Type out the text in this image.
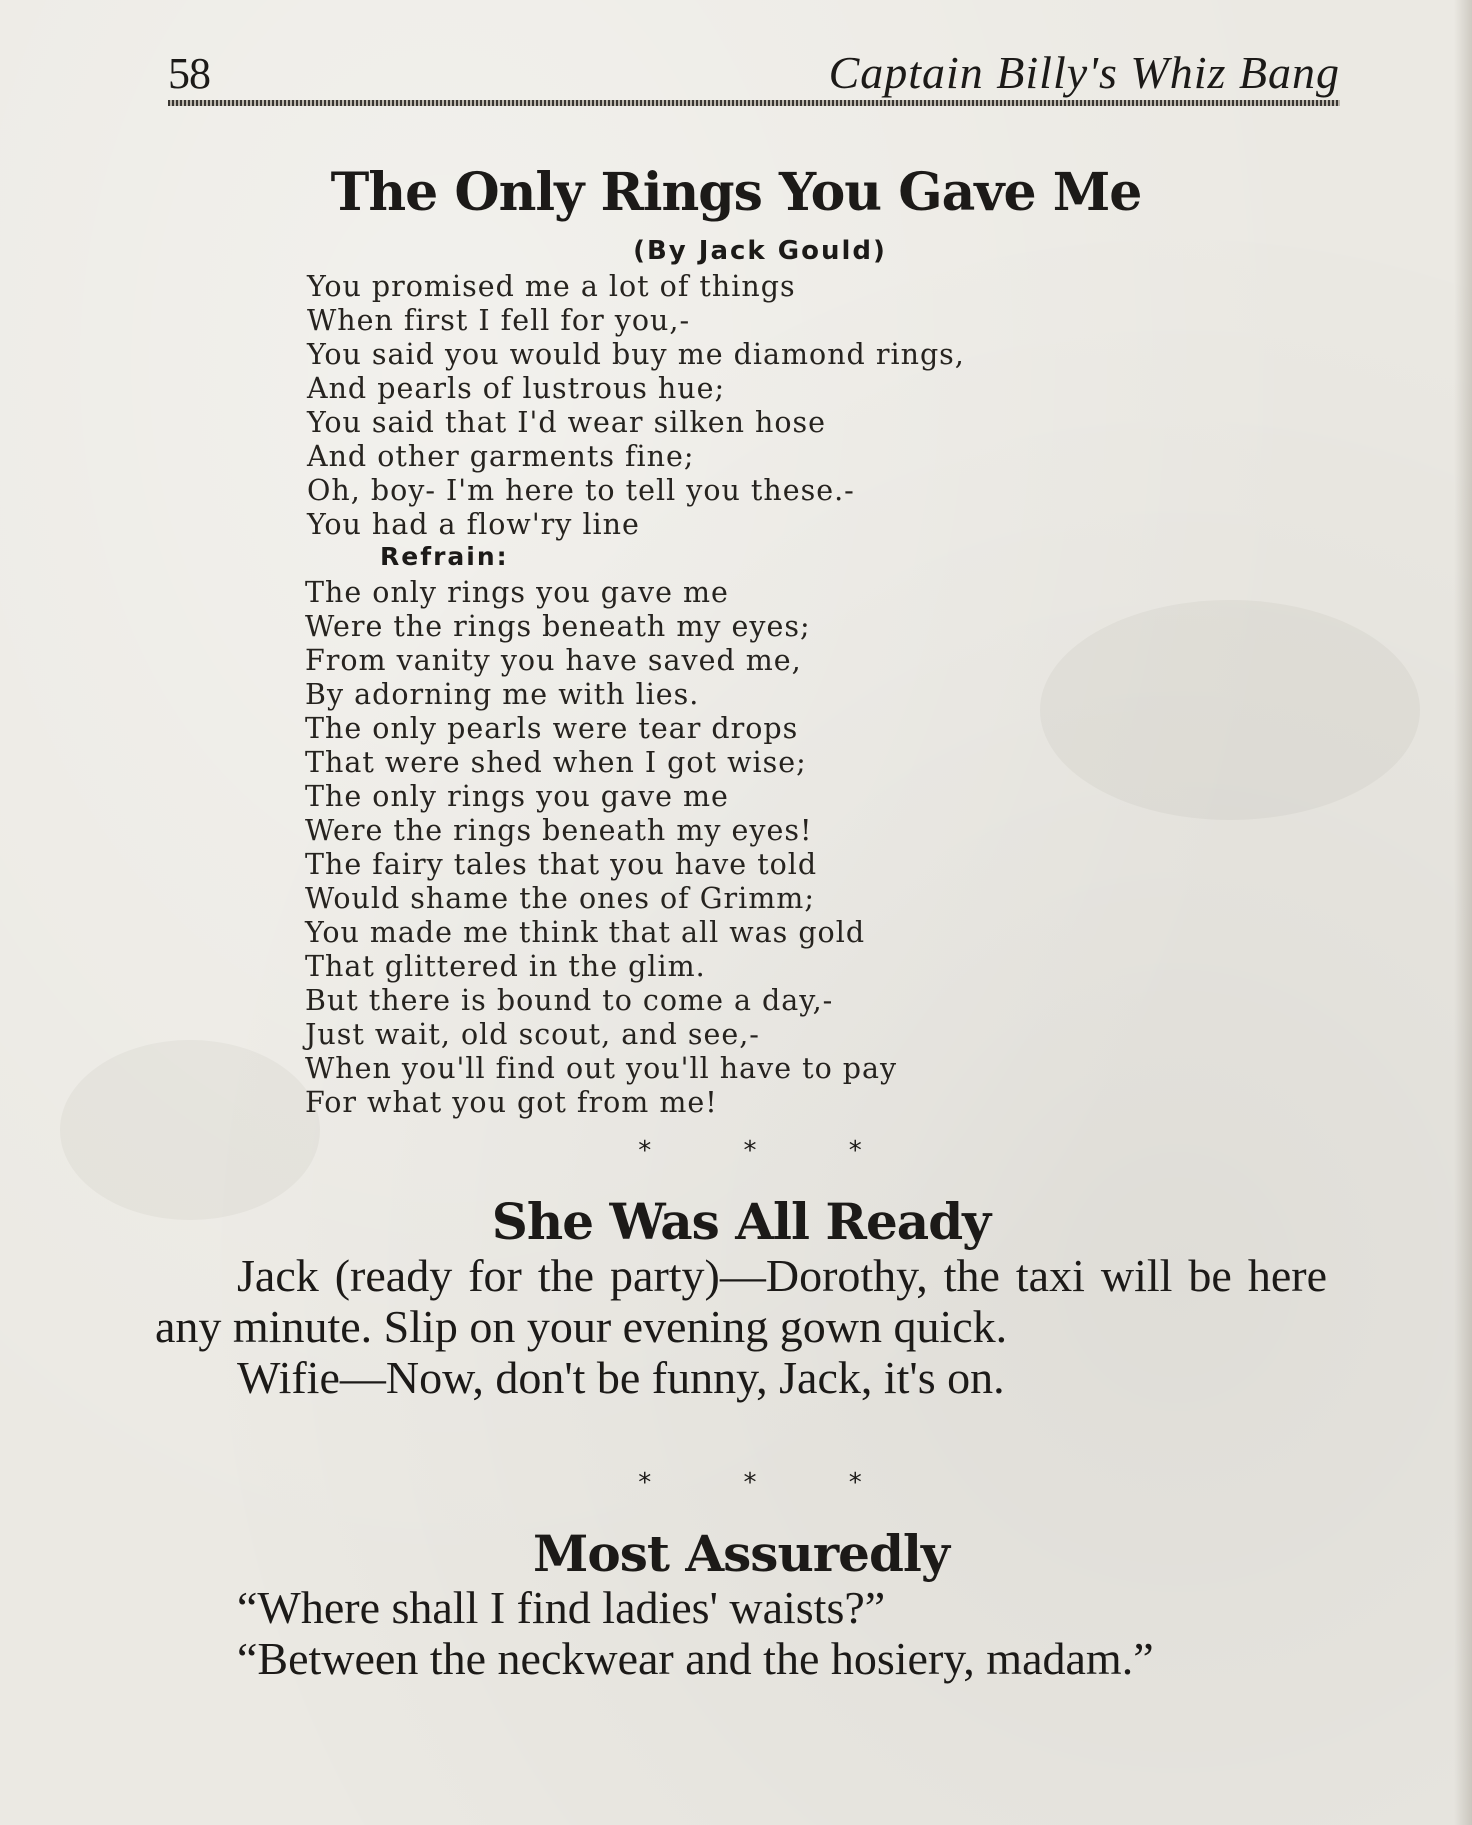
58	Captain Billy's Whiz Bang
The Only Rings You Gave Me
(By Jack Gould)
You promised me a lot of things
When first I fell for you,-
You said you would buy me diamond rings,
And pearls of lustrous hue;
You said that I'd wear silken hose
And other garments fine;
Oh, boy- I'm here to tell you these.-
You had a flow'ry line
Refrain:
The only rings you gave me
Were the rings beneath my eyes;
From vanity you have saved me,
By adorning me with lies.
The only pearls were tear drops
That were shed when I got wise;
The only rings you gave me
Were the rings beneath my eyes!
The fairy tales that you have told
Would shame the ones of Grimm;
You made me think that all was gold
That glittered in the glim.
But there is bound to come a day,-
Just wait, old scout, and see,-
When you'll find out you'll have to pay
For what you got from me!
* * *
She Was All Ready

Jack (ready for the party)—Dorothy, the taxi will be here any minute. Slip on your evening gown quick.

Wifie—Now, don't be funny, Jack, it's on.

* * *
Most Assuredly

“Where shall I find ladies' waists?”

“Between the neckwear and the hosiery, madam.”
